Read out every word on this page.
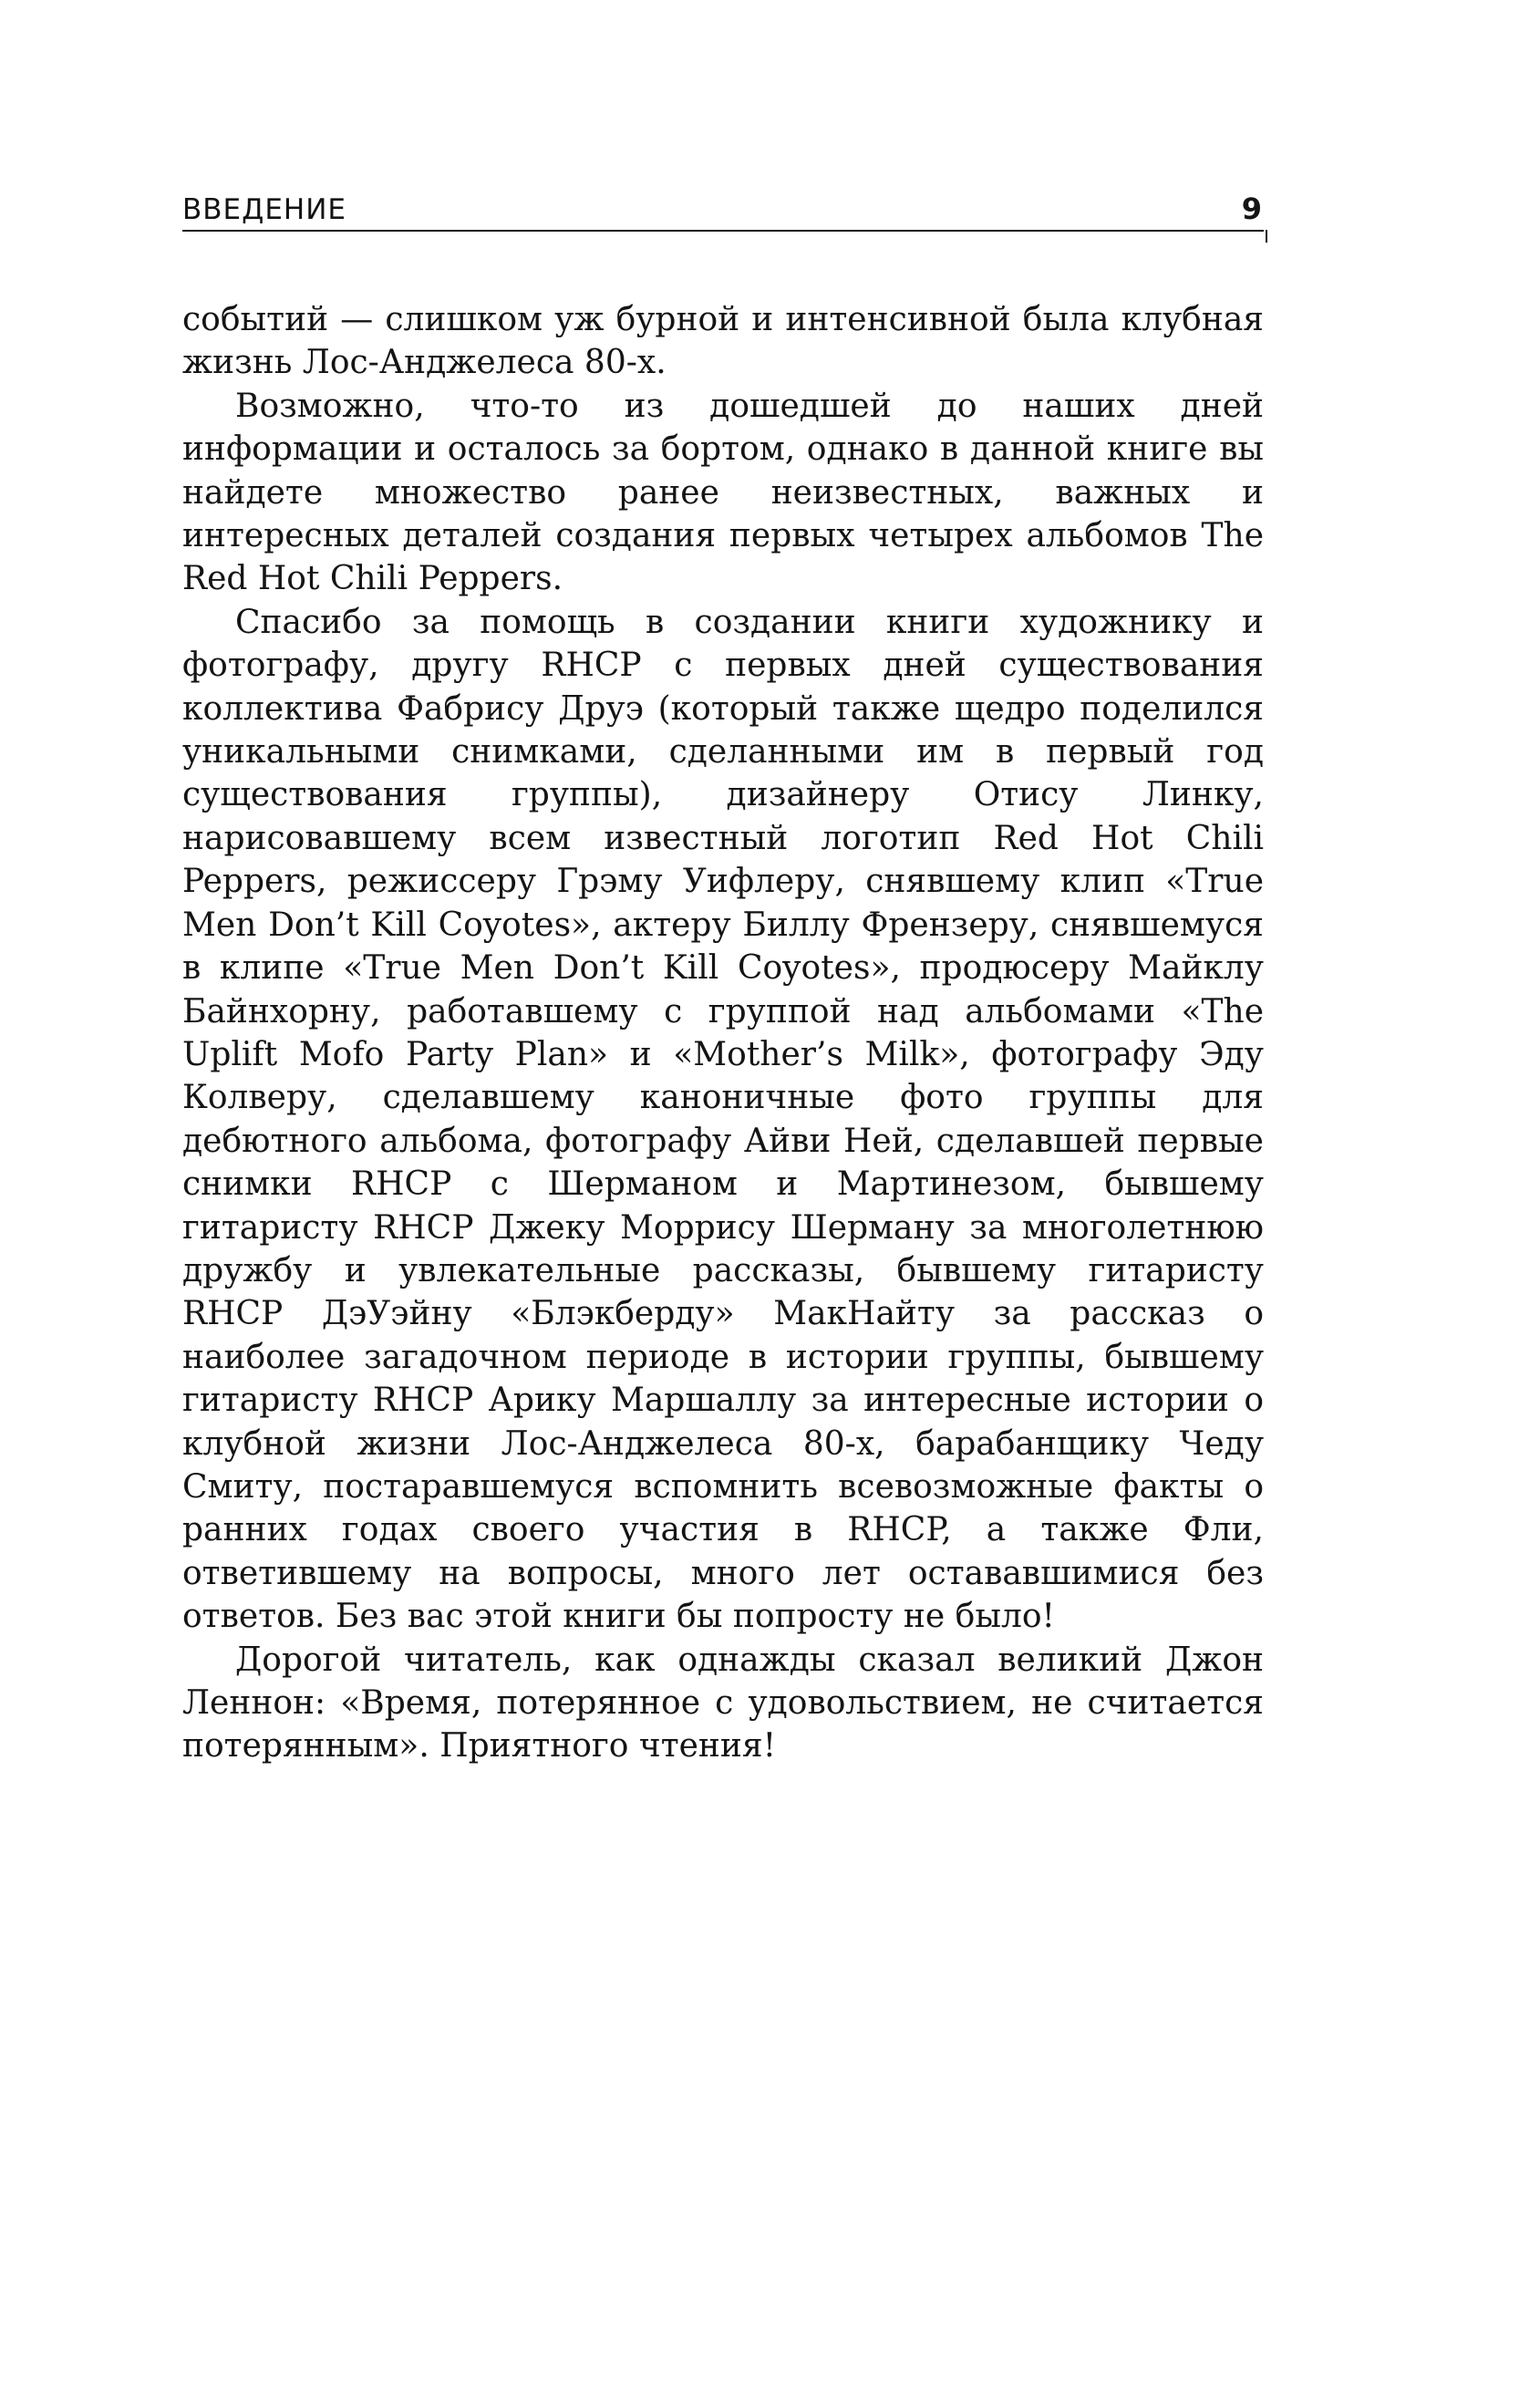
ВВЕДЕНИЕ	9

событий — слишком уж бурной и интенсивной была клубная жизнь Лос-Анджелеса 80-х.

Возможно, что-то из дошедшей до наших дней информации и осталось за бортом, однако в данной книге вы найдете множество ранее неизвестных, важных и интересных деталей создания первых четырех альбомов The Red Hot Chili Peppers.

Спасибо за помощь в создании книги художнику и фотографу, другу RHCP с первых дней существования коллектива Фабрису Друэ (который также щедро поделился уникальными снимками, сделанными им в первый год существования группы), дизайнеру Отису Линку, нарисовавшему всем известный логотип Red Hot Chili Peppers, режиссеру Грэму Уифлеру, снявшему клип «True Men Don’t Kill Coyotes», актеру Биллу Френзеру, снявшемуся в клипе «True Men Don’t Kill Coyotes», продюсеру Майклу Байнхорну, работавшему с группой над альбомами «The Uplift Mofo Party Plan» и «Mother’s Milk», фотографу Эду Колверу, сделавшему каноничные фото группы для дебютного альбома, фотографу Айви Ней, сделавшей первые снимки RHCP с Шерманом и Мартинезом, бывшему гитаристу RHCP Джеку Моррису Шерману за многолетнюю дружбу и увлекательные рассказы, бывшему гитаристу RHCP ДэУэйну «Блэкберду» МакНайту за рассказ о наиболее загадочном периоде в истории группы, бывшему гитаристу RHCP Арику Маршаллу за интересные истории о клубной жизни Лос-Анджелеса 80-х, барабанщику Чеду Смиту, постаравшемуся вспомнить всевозможные факты о ранних годах своего участия в RHCP, а также Фли, ответившему на вопросы, много лет остававшимися без ответов. Без вас этой книги бы попросту не было!

Дорогой читатель, как однажды сказал великий Джон Леннон: «Время, потерянное с удовольствием, не считается потерянным». Приятного чтения!
